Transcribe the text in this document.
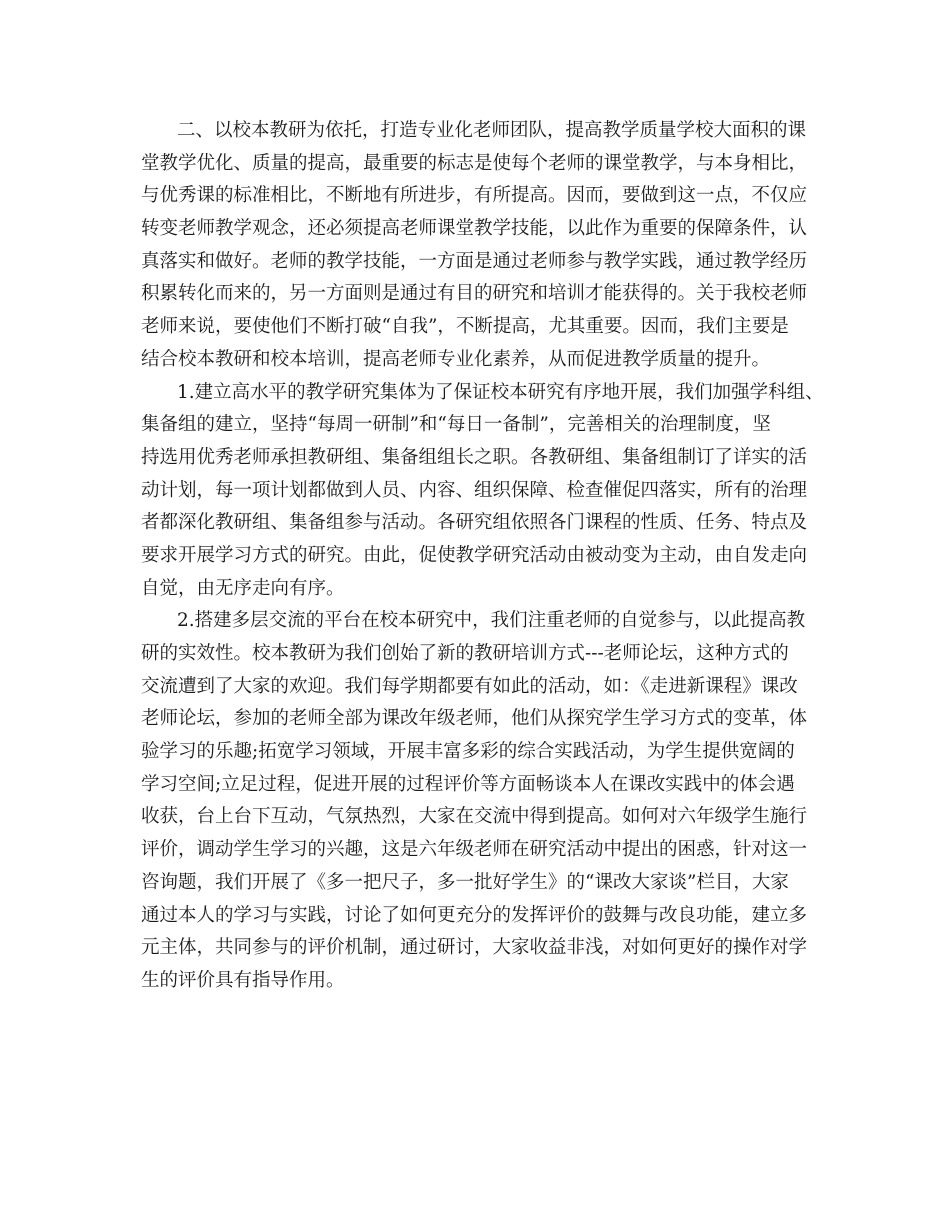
二、以校本教研为依托，打造专业化老师团队，提高教学质量学校大面积的课
堂教学优化、质量的提高，最重要的标志是使每个老师的课堂教学，与本身相比，
与优秀课的标准相比，不断地有所进步，有所提高。因而，要做到这一点，不仅应
转变老师教学观念，还必须提高老师课堂教学技能，以此作为重要的保障条件，认
真落实和做好。老师的教学技能，一方面是通过老师参与教学实践，通过教学经历
积累转化而来的，另一方面则是通过有目的研究和培训才能获得的。关于我校老师
老师来说，要使他们不断打破“自我”，不断提高，尤其重要。因而，我们主要是
结合校本教研和校本培训，提高老师专业化素养，从而促进教学质量的提升。
1.建立高水平的教学研究集体为了保证校本研究有序地开展，我们加强学科组、
集备组的建立，坚持“每周一研制”和“每日一备制”，完善相关的治理制度，坚
持选用优秀老师承担教研组、集备组组长之职。各教研组、集备组制订了详实的活
动计划，每一项计划都做到人员、内容、组织保障、检查催促四落实，所有的治理
者都深化教研组、集备组参与活动。各研究组依照各门课程的性质、任务、特点及
要求开展学习方式的研究。由此，促使教学研究活动由被动变为主动，由自发走向
自觉，由无序走向有序。
2.搭建多层交流的平台在校本研究中，我们注重老师的自觉参与，以此提高教
研的实效性。校本教研为我们创始了新的教研培训方式---老师论坛，这种方式的
交流遭到了大家的欢迎。我们每学期都要有如此的活动，如：《走进新课程》课改
老师论坛，参加的老师全部为课改年级老师，他们从探究学生学习方式的变革，体
验学习的乐趣;拓宽学习领域，开展丰富多彩的综合实践活动，为学生提供宽阔的
学习空间;立足过程，促进开展的过程评价等方面畅谈本人在课改实践中的体会遇
收获，台上台下互动，气氛热烈，大家在交流中得到提高。如何对六年级学生施行
评价，调动学生学习的兴趣，这是六年级老师在研究活动中提出的困惑，针对这一
咨询题，我们开展了《多一把尺子，多一批好学生》的“课改大家谈”栏目，大家
通过本人的学习与实践，讨论了如何更充分的发挥评价的鼓舞与改良功能，建立多
元主体，共同参与的评价机制，通过研讨，大家收益非浅，对如何更好的操作对学
生的评价具有指导作用。
